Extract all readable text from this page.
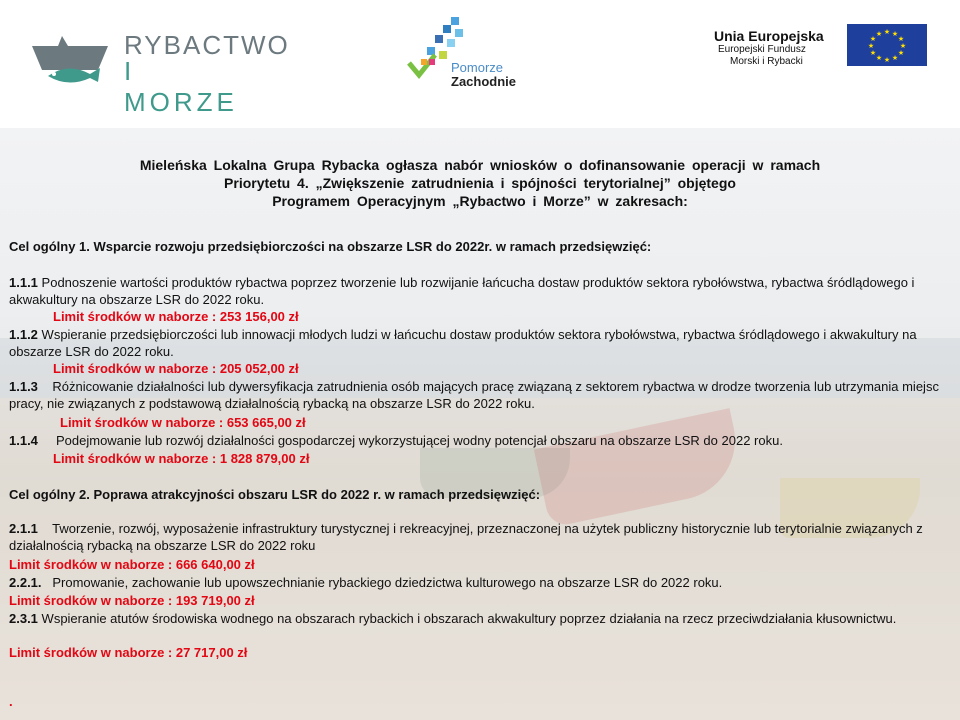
RYBACTWO
I MORZE
Pomorze
Zachodnie
Unia Europejska
Europejski Fundusz
Morski i Rybacki
★ ★
★
★
★
★
★
★
★
★
★
★
Mieleńska Lokalna Grupa Rybacka ogłasza nabór wniosków o dofinansowanie operacji w ramach
Priorytetu 4. „Zwiększenie zatrudnienia i spójności terytorialnej” objętego
Programem Operacyjnym „Rybactwo i Morze” w zakresach:
Cel ogólny 1. Wsparcie rozwoju przedsiębiorczości na obszarze LSR do 2022r. w ramach przedsięwzięć:
1.1.1 Podnoszenie wartości produktów rybactwa poprzez tworzenie lub rozwijanie łańcucha dostaw produktów sektora rybołówstwa, rybactwa śródlądowego i akwakultury na obszarze LSR do 2022 roku.
Limit środków w naborze : 253 156,00 zł
1.1.2 Wspieranie przedsiębiorczości lub innowacji młodych ludzi w łańcuchu dostaw produktów sektora rybołówstwa, rybactwa śródlądowego i akwakultury na obszarze LSR do 2022 roku.
Limit środków w naborze : 205 052,00 zł
1.1.3 Różnicowanie działalności lub dywersyfikacja zatrudnienia osób mających pracę związaną z sektorem rybactwa w drodze tworzenia lub utrzymania miejsc pracy, nie związanych z podstawową działalnością rybacką na obszarze LSR do 2022 roku.
Limit środków w naborze : 653 665,00 zł
1.1.4 Podejmowanie lub rozwój działalności gospodarczej wykorzystującej wodny potencjał obszaru na obszarze LSR do 2022 roku.
Limit środków w naborze : 1 828 879,00 zł
Cel ogólny 2. Poprawa atrakcyjności obszaru LSR do 2022 r. w ramach przedsięwzięć:
2.1.1 Tworzenie, rozwój, wyposażenie infrastruktury turystycznej i rekreacyjnej, przeznaczonej na użytek publiczny historycznie lub terytorialnie związanych z działalnością rybacką na obszarze LSR do 2022 roku
Limit środków w naborze : 666 640,00 zł
2.2.1. Promowanie, zachowanie lub upowszechnianie rybackiego dziedzictwa kulturowego na obszarze LSR do 2022 roku.
Limit środków w naborze : 193 719,00 zł
2.3.1 Wspieranie atutów środowiska wodnego na obszarach rybackich i obszarach akwakultury poprzez działania na rzecz przeciwdziałania kłusownictwu.
Limit środków w naborze : 27 717,00 zł
.
